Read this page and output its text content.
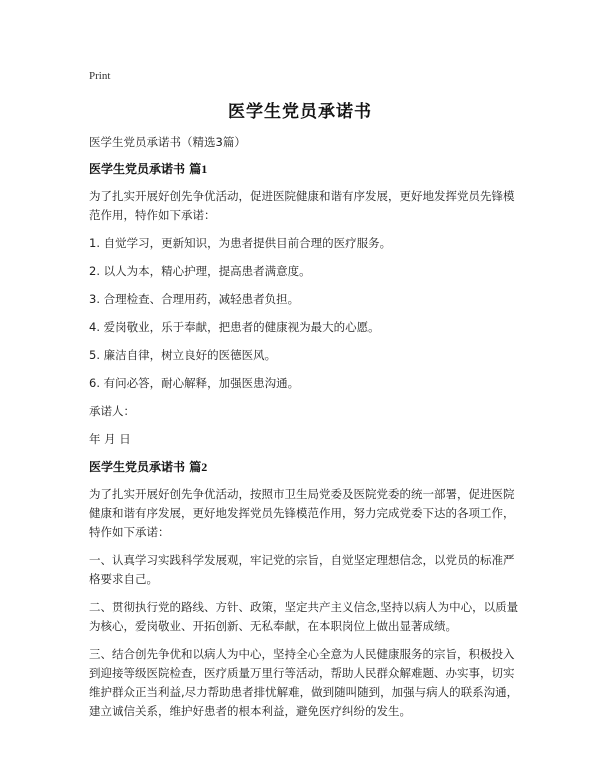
Print
医学生党员承诺书

医学生党员承诺书（精选3篇）

医学生党员承诺书 篇1

为了扎实开展好创先争优活动，促进医院健康和谐有序发展，更好地发挥党员先锋模范作用，特作如下承诺：

1. 自觉学习，更新知识，为患者提供目前合理的医疗服务。

2. 以人为本，精心护理，提高患者满意度。

3. 合理检查、合理用药，减轻患者负担。

4. 爱岗敬业，乐于奉献，把患者的健康视为最大的心愿。

5. 廉洁自律，树立良好的医德医风。

6. 有问必答，耐心解释，加强医患沟通。

承诺人：

年 月 日

医学生党员承诺书 篇2

为了扎实开展好创先争优活动，按照市卫生局党委及医院党委的统一部署，促进医院健康和谐有序发展，更好地发挥党员先锋模范作用，努力完成党委下达的各项工作，特作如下承诺：

一、认真学习实践科学发展观，牢记党的宗旨，自觉坚定理想信念，以党员的标准严格要求自己。

二、贯彻执行党的路线、方针、政策，坚定共产主义信念,坚持以病人为中心，以质量为核心，爱岗敬业、开拓创新、无私奉献，在本职岗位上做出显著成绩。

三、结合创先争优和以病人为中心，坚持全心全意为人民健康服务的宗旨，积极投入到迎接等级医院检查，医疗质量万里行等活动，帮助人民群众解难题、办实事，切实维护群众正当利益,尽力帮助患者排忧解难，做到随叫随到，加强与病人的联系沟通，建立诚信关系，维护好患者的根本利益，避免医疗纠纷的发生。
